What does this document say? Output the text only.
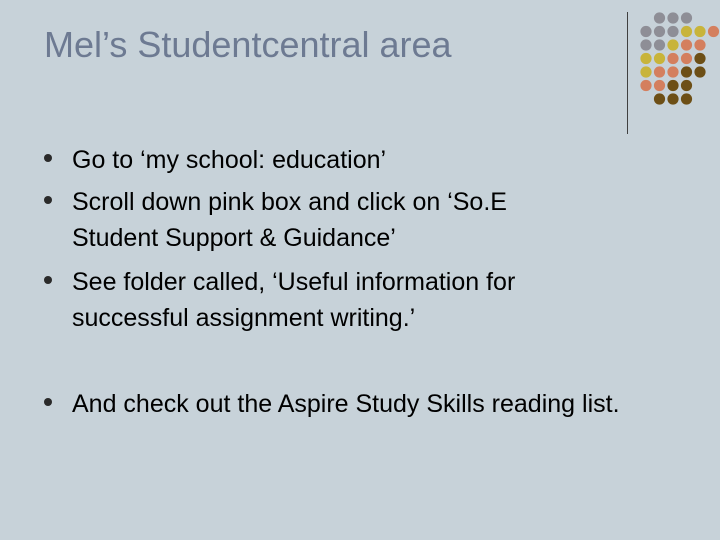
Mel’s Studentcentral area
Go to ‘my school: education’
Scroll down pink box and click on ‘So.E Student Support & Guidance’
See folder called, ‘Useful information for successful assignment writing.’
And check out the Aspire Study Skills reading list.
